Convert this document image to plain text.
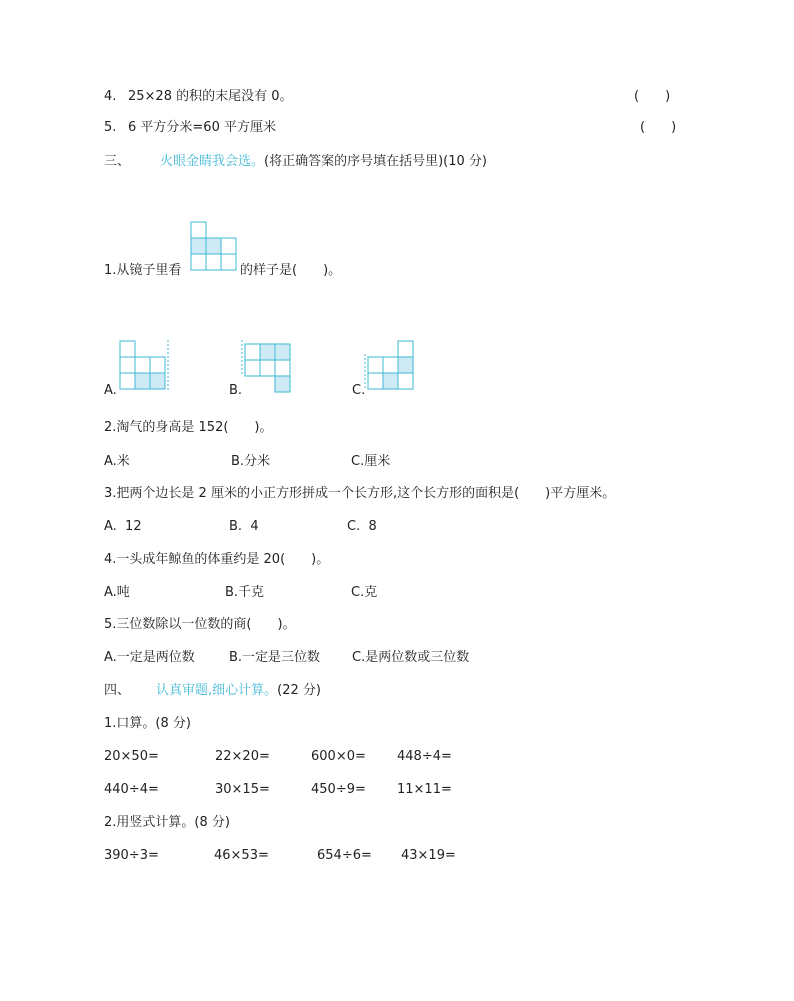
4. 25×28 的积的末尾没有 0。	(　　)
5. 6 平方分米=60 平方厘米	(　　)
三、 火眼金睛我会选。(将正确答案的序号填在括号里)(10 分)
1.从镜子里看	的样子是(　　)。
A.	B.	C.
2.淘气的身高是 152(　　)。
A.米	B.分米	C.厘米
3.把两个边长是 2 厘米的小正方形拼成一个长方形,这个长方形的面积是(　　)平方厘米。
A.  12	B.  4	C.  8
4.一头成年鲸鱼的体重约是 20(　　)。
A.吨	B.千克	C.克
5.三位数除以一位数的商(　　)。
A.一定是两位数	B.一定是三位数 C.是两位数或三位数
四、 认真审题,细心计算。(22 分)
1.口算。(8 分)
20×50=	22×20=	600×0= 448÷4=
440÷4=	30×15=	450÷9= 11×11=
2.用竖式计算。(8 分)
390÷3=	46×53=	654÷6= 43×19=
